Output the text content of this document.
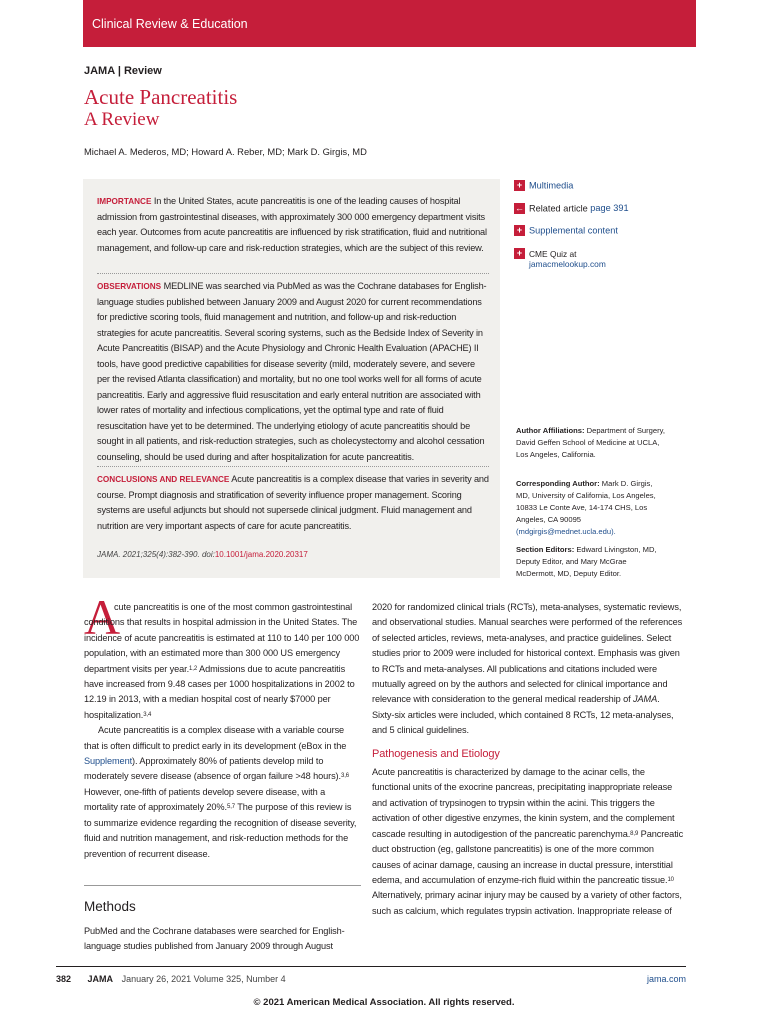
Clinical Review & Education
JAMA | Review
Acute Pancreatitis
A Review
Michael A. Mederos, MD; Howard A. Reber, MD; Mark D. Girgis, MD
IMPORTANCE In the United States, acute pancreatitis is one of the leading causes of hospital admission from gastrointestinal diseases, with approximately 300 000 emergency department visits each year. Outcomes from acute pancreatitis are influenced by risk stratification, fluid and nutritional management, and follow-up care and risk-reduction strategies, which are the subject of this review.
OBSERVATIONS MEDLINE was searched via PubMed as was the Cochrane databases for English-language studies published between January 2009 and August 2020 for current recommendations for predictive scoring tools, fluid management and nutrition, and follow-up and risk-reduction strategies for acute pancreatitis. Several scoring systems, such as the Bedside Index of Severity in Acute Pancreatitis (BISAP) and the Acute Physiology and Chronic Health Evaluation (APACHE) II tools, have good predictive capabilities for disease severity (mild, moderately severe, and severe per the revised Atlanta classification) and mortality, but no one tool works well for all forms of acute pancreatitis. Early and aggressive fluid resuscitation and early enteral nutrition are associated with lower rates of mortality and infectious complications, yet the optimal type and rate of fluid resuscitation have yet to be determined. The underlying etiology of acute pancreatitis should be sought in all patients, and risk-reduction strategies, such as cholecystectomy and alcohol cessation counseling, should be used during and after hospitalization for acute pancreatitis.
CONCLUSIONS AND RELEVANCE Acute pancreatitis is a complex disease that varies in severity and course. Prompt diagnosis and stratification of severity influence proper management. Scoring systems are useful adjuncts but should not supersede clinical judgment. Fluid management and nutrition are very important aspects of care for acute pancreatitis.
JAMA. 2021;325(4):382-390. doi:10.1001/jama.2020.20317
+ Multimedia
← Related article page 391
+ Supplemental content
+ CME Quiz at
jamacmelookup.com
Author Affiliations: Department of Surgery, David Geffen School of Medicine at UCLA, Los Angeles, California.
Corresponding Author: Mark D. Girgis, MD, University of California, Los Angeles, 10833 Le Conte Ave, 14-174 CHS, Los Angeles, CA 90095 (mdgirgis@mednet.ucla.edu).
Section Editors: Edward Livingston, MD, Deputy Editor, and Mary McGrae McDermott, MD, Deputy Editor.
A

cute pancreatitis is one of the most common gastrointestinal conditions that results in hospital admission in the United States. The incidence of acute pancreatitis is estimated at 110 to 140 per 100 000 population, with an estimated more than 300 000 US emergency department visits per year.$^{1,2}$ Admissions due to acute pancreatitis have increased from 9.48 cases per 1000 hospitalizations in 2002 to 12.19 in 2013, with a median hospital cost of nearly $7000 per hospitalization.$^{3,4}$

Acute pancreatitis is a complex disease with a variable course that is often difficult to predict early in its development (eBox in the Supplement). Approximately 80% of patients develop mild to moderately severe disease (absence of organ failure >48 hours).$^{3,6}$ However, one-fifth of patients develop severe disease, with a mortality rate of approximately 20%.$^{5,7}$ The purpose of this review is to summarize evidence regarding the recognition of disease severity, fluid and nutrition management, and risk-reduction methods for the prevention of recurrent disease.

Methods
PubMed and the Cochrane databases were searched for English-language studies published from January 2009 through August

2020 for randomized clinical trials (RCTs), meta-analyses, systematic reviews, and observational studies. Manual searches were performed of the references of selected articles, reviews, meta-analyses, and practice guidelines. Select studies prior to 2009 were included for historical context. Emphasis was given to RCTs and meta-analyses. All publications and citations included were mutually agreed on by the authors and selected for clinical importance and relevance with consideration to the general medical readership of JAMA. Sixty-six articles were included, which contained 8 RCTs, 12 meta-analyses, and 5 clinical guidelines.

Pathogenesis and Etiology

Acute pancreatitis is characterized by damage to the acinar cells, the functional units of the exocrine pancreas, precipitating inappropriate release and activation of trypsinogen to trypsin within the acini. This triggers the activation of other digestive enzymes, the kinin system, and the complement cascade resulting in autodigestion of the pancreatic parenchyma.$^{8,9}$ Pancreatic duct obstruction (eg, gallstone pancreatitis) is one of the more common causes of acinar damage, causing an increase in ductal pressure, interstitial edema, and accumulation of enzyme-rich fluid within the pancreatic tissue.$^{10}$ Alternatively, primary acinar injury may be caused by a variety of other factors, such as calcium, which regulates trypsin activation. Inappropriate release of

382 JAMA January 26, 2021 Volume 325, Number 4	jama.com
© 2021 American Medical Association. All rights reserved.
